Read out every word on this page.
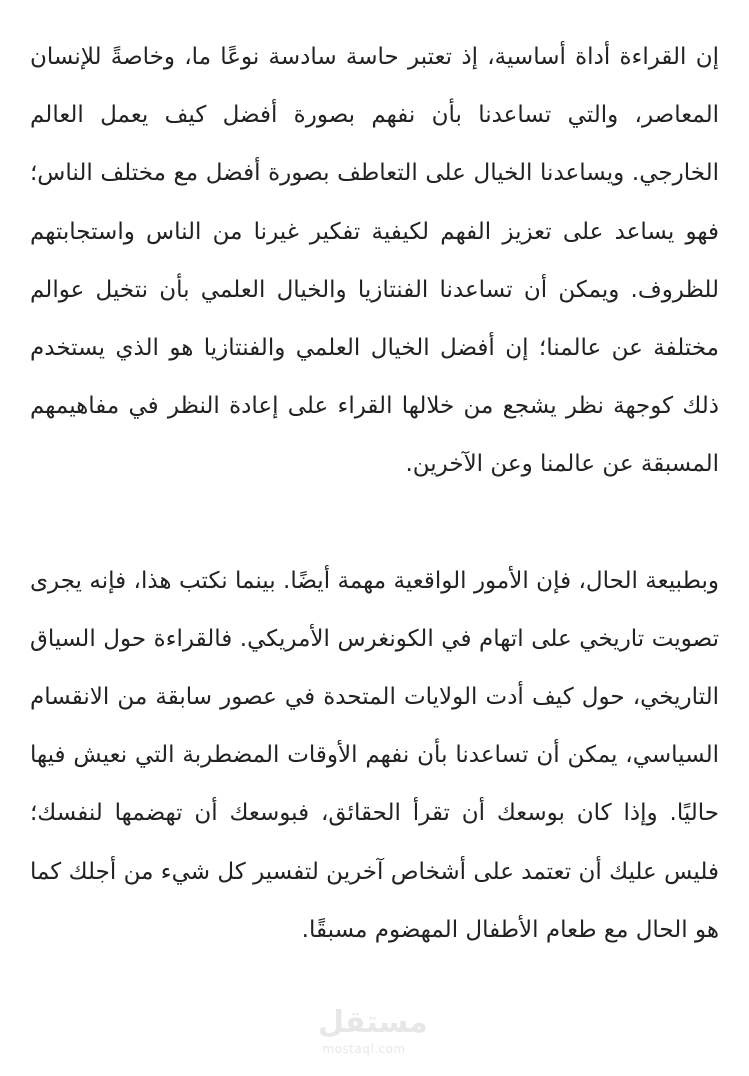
إن القراءة أداة أساسية، إذ تعتبر حاسة سادسة نوعًا ما، وخاصةً للإنسان المعاصر، والتي تساعدنا بأن نفهم بصورة أفضل كيف يعمل العالم الخارجي. ويساعدنا الخيال على التعاطف بصورة أفضل مع مختلف الناس؛ فهو يساعد على تعزيز الفهم لكيفية تفكير غيرنا من الناس واستجابتهم للظروف. ويمكن أن تساعدنا الفنتازيا والخيال العلمي بأن نتخيل عوالم مختلفة عن عالمنا؛ إن أفضل الخيال العلمي والفنتازيا هو الذي يستخدم ذلك كوجهة نظر يشجع من خلالها القراء على إعادة النظر في مفاهيمهم المسبقة عن عالمنا وعن الآخرين.

وبطبيعة الحال، فإن الأمور الواقعية مهمة أيضًا. بينما نكتب هذا، فإنه يجرى تصويت تاريخي على اتهام في الكونغرس الأمريكي. فالقراءة حول السياق التاريخي، حول كيف أدت الولايات المتحدة في عصور سابقة من الانقسام السياسي، يمكن أن تساعدنا بأن نفهم الأوقات المضطربة التي نعيش فيها حاليًا. وإذا كان بوسعك أن تقرأ الحقائق، فبوسعك أن تهضمها لنفسك؛ فليس عليك أن تعتمد على أشخاص آخرين لتفسير كل شيء من أجلك كما هو الحال مع طعام الأطفال المهضوم مسبقًا.

مستقل
mostaql.com
